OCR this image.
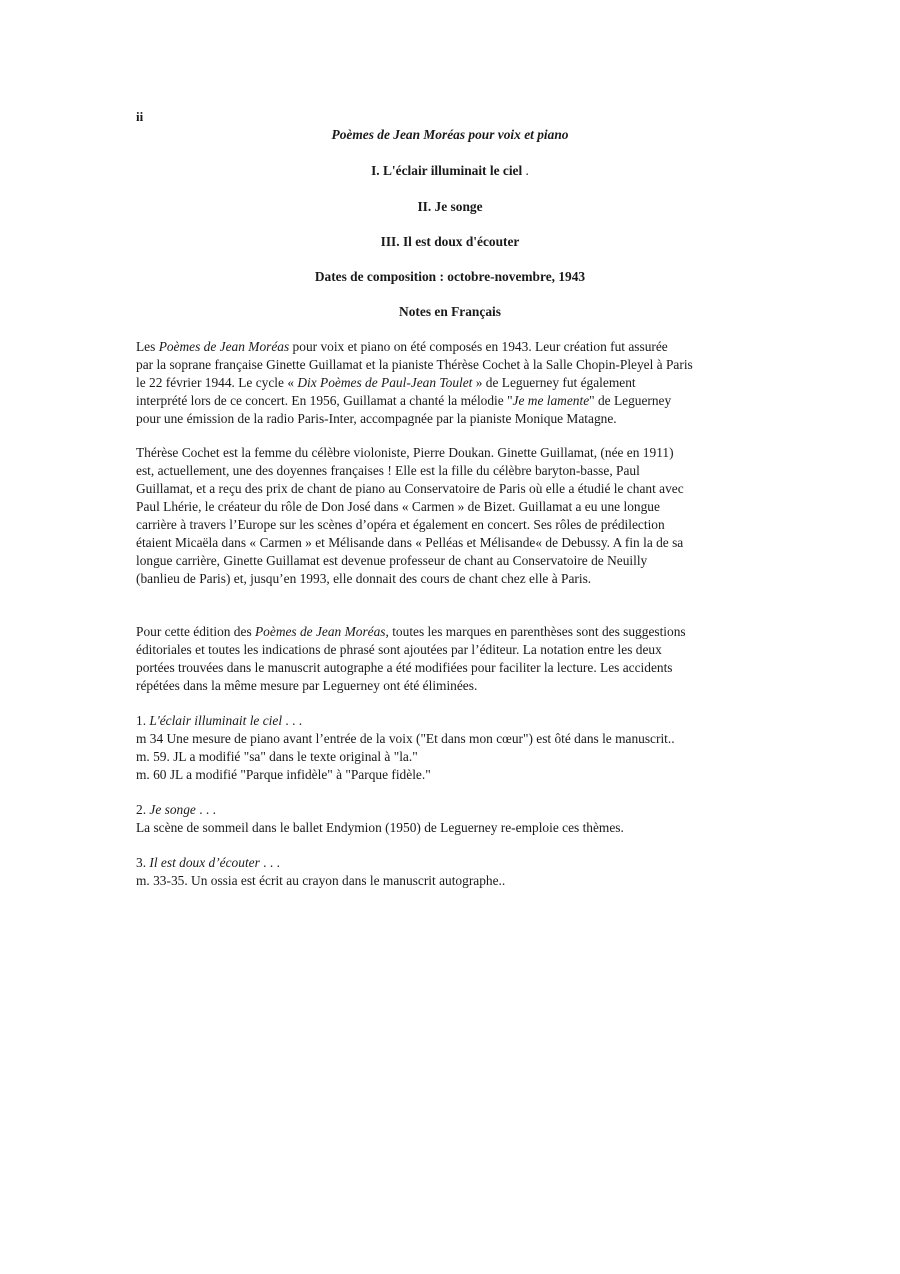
ii
Poèmes de Jean Moréas pour voix et piano
I. L'éclair illuminait le ciel .
II. Je songe
III. Il est doux d'écouter
Dates de composition : octobre-novembre, 1943
Notes en Français
Les Poèmes de Jean Moréas pour voix et piano on été composés en 1943. Leur création fut assurée
par la soprane française Ginette Guillamat et la pianiste Thérèse Cochet à la Salle Chopin-Pleyel à Paris
le 22 février 1944. Le cycle « Dix Poèmes de Paul-Jean Toulet » de Leguerney fut également
interprété lors de ce concert. En 1956, Guillamat a chanté la mélodie "Je me lamente" de Leguerney
pour une émission de la radio Paris-Inter, accompagnée par la pianiste Monique Matagne.
Thérèse Cochet est la femme du célèbre violoniste, Pierre Doukan. Ginette Guillamat, (née en 1911)
est, actuellement, une des doyennes françaises ! Elle est la fille du célèbre baryton-basse, Paul
Guillamat, et a reçu des prix de chant de piano au Conservatoire de Paris où elle a étudié le chant avec
Paul Lhérie, le créateur du rôle de Don José dans « Carmen » de Bizet. Guillamat a eu une longue
carrière à travers l’Europe sur les scènes d’opéra et également en concert. Ses rôles de prédilection
étaient Micaëla dans « Carmen » et Mélisande dans « Pelléas et Mélisande« de Debussy. A fin la de sa
longue carrière, Ginette Guillamat est devenue professeur de chant au Conservatoire de Neuilly
(banlieu de Paris) et, jusqu’en 1993, elle donnait des cours de chant chez elle à Paris.
Pour cette édition des Poèmes de Jean Moréas, toutes les marques en parenthèses sont des suggestions
éditoriales et toutes les indications de phrasé sont ajoutées par l’éditeur. La notation entre les deux
portées trouvées dans le manuscrit autographe a été modifiées pour faciliter la lecture. Les accidents
répétées dans la même mesure par Leguerney ont été éliminées.
1. L'éclair illuminait le ciel . . .
m 34 Une mesure de piano avant l’entrée de la voix ("Et dans mon cœur") est ôté dans le manuscrit..
m. 59. JL a modifié "sa" dans le texte original à "la."
m. 60 JL a modifié "Parque infidèle" à "Parque fidèle."
2. Je songe . . .
La scène de sommeil dans le ballet Endymion (1950) de Leguerney re-emploie ces thèmes.
3. Il est doux d’écouter . . .
m. 33-35. Un ossia est écrit au crayon dans le manuscrit autographe..
